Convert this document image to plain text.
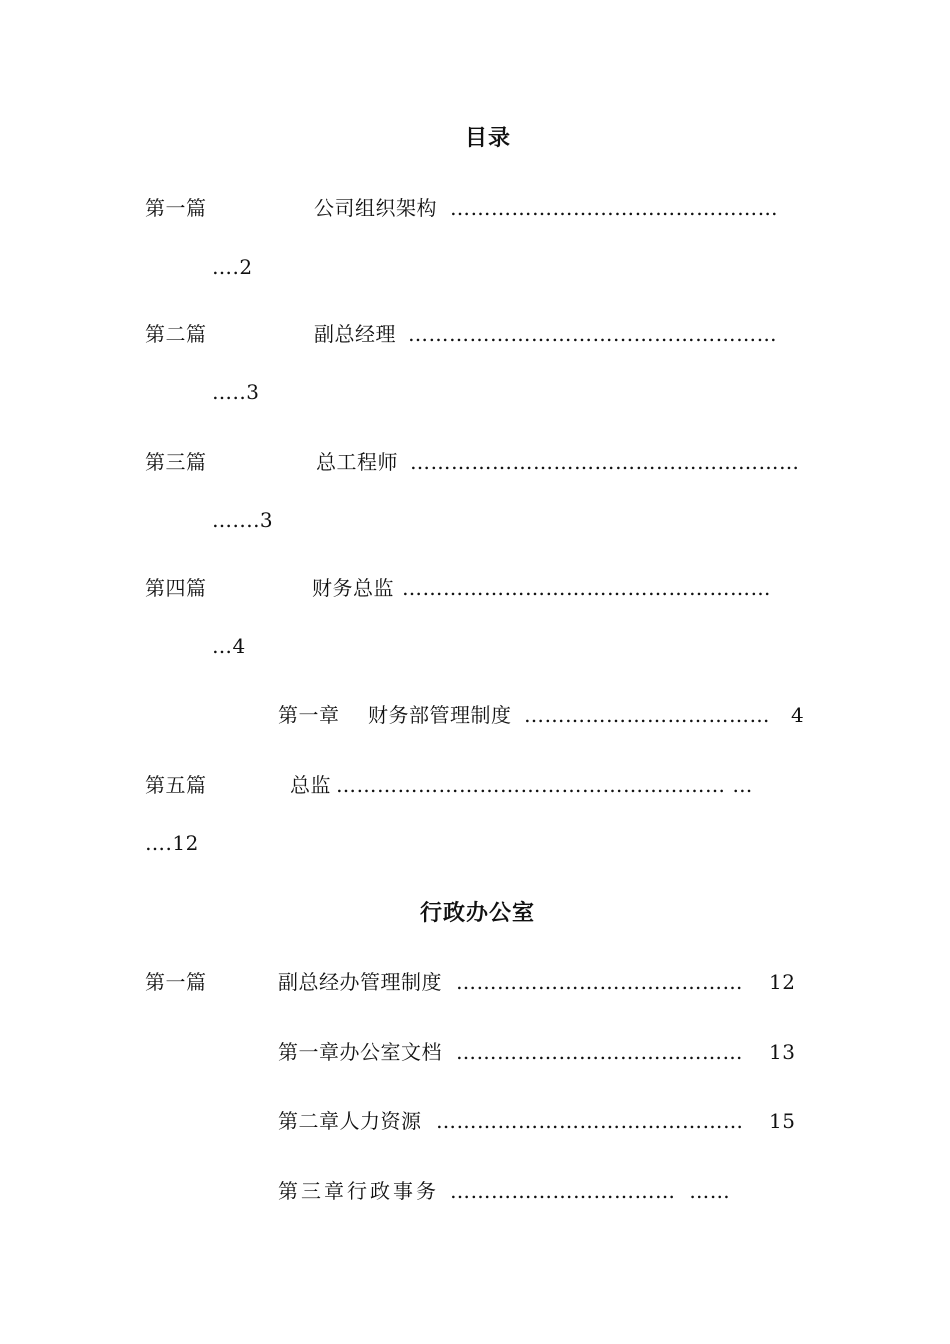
目录
第一篇	公司组织架构 …………………...……………………
….2
第二篇	副总经理 …………………………...…………………
…..3
第三篇	总工程师 …………………………………………………
…....3
第四篇	财务总监 ………………………………………………
…4
第一章 财务部管理制度 ………………………………	4
第五篇	总监 ………………………………………………… …
….12
行政办公室
第一篇	副总经办管理制度 ……………………………………	12
第一章办公室文档 ……………………………………	13
第二章人力资源 ………………………………………	15
第三章行政事务 ……………………………  ……
